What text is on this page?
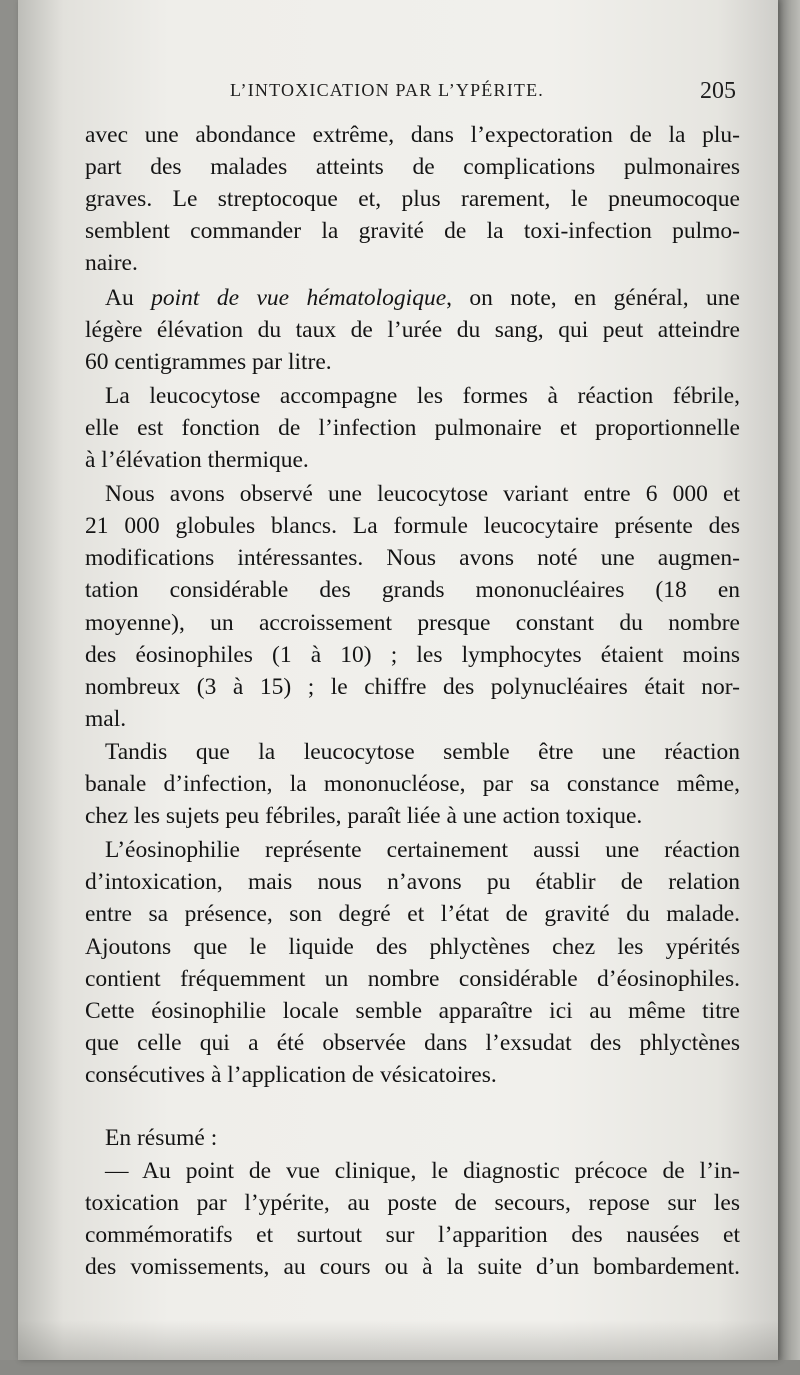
L’INTOXICATION PAR L’YPÉRITE.	205
avec une abondance extrême, dans l’expectoration de la plu-
part des malades atteints de complications pulmonaires
graves. Le streptocoque et, plus rarement, le pneumocoque
semblent commander la gravité de la toxi-infection pulmo-
naire.
Au point de vue hématologique, on note, en général, une
légère élévation du taux de l’urée du sang, qui peut atteindre
60 centigrammes par litre.
La leucocytose accompagne les formes à réaction fébrile,
elle est fonction de l’infection pulmonaire et proportionnelle
à l’élévation thermique.
Nous avons observé une leucocytose variant entre 6 000 et
21 000 globules blancs. La formule leucocytaire présente des
modifications intéressantes. Nous avons noté une augmen-
tation considérable des grands mononucléaires (18 en
moyenne), un accroissement presque constant du nombre
des éosinophiles (1 à 10) ; les lymphocytes étaient moins
nombreux (3 à 15) ; le chiffre des polynucléaires était nor-
mal.
Tandis que la leucocytose semble être une réaction
banale d’infection, la mononucléose, par sa constance même,
chez les sujets peu fébriles, paraît liée à une action toxique.
L’éosinophilie représente certainement aussi une réaction
d’intoxication, mais nous n’avons pu établir de relation
entre sa présence, son degré et l’état de gravité du malade.
Ajoutons que le liquide des phlyctènes chez les ypérités
contient fréquemment un nombre considérable d’éosinophiles.
Cette éosinophilie locale semble apparaître ici au même titre
que celle qui a été observée dans l’exsudat des phlyctènes
consécutives à l’application de vésicatoires.
En résumé :
— Au point de vue clinique, le diagnostic précoce de l’in-
toxication par l’ypérite, au poste de secours, repose sur les
commémoratifs et surtout sur l’apparition des nausées et
des vomissements, au cours ou à la suite d’un bombardement.
